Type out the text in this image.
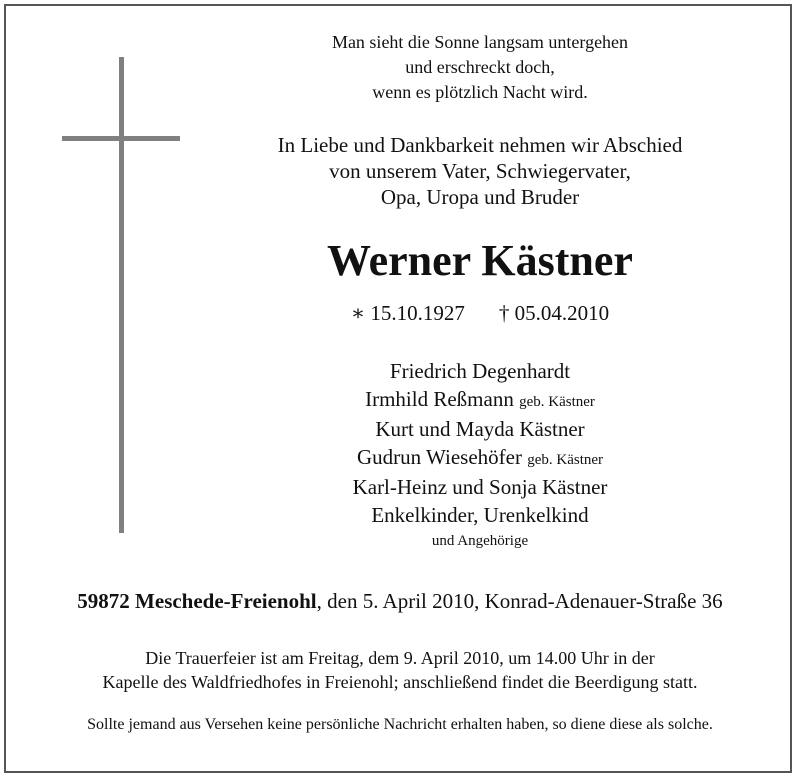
Man sieht die Sonne langsam untergehen
und erschreckt doch,
wenn es plötzlich Nacht wird.
In Liebe und Dankbarkeit nehmen wir Abschied
von unserem Vater, Schwiegervater,
Opa, Uropa und Bruder
Werner Kästner
∗ 15.10.1927 † 05.04.2010
Friedrich Degenhardt
Irmhild Reßmann geb. Kästner
Kurt und Mayda Kästner
Gudrun Wiesehöfer geb. Kästner
Karl-Heinz und Sonja Kästner
Enkelkinder, Urenkelkind
und Angehörige
59872 Meschede-Freienohl, den 5. April 2010, Konrad-Adenauer-Straße 36
Die Trauerfeier ist am Freitag, dem 9. April 2010, um 14.00 Uhr in der
Kapelle des Waldfriedhofes in Freienohl; anschließend findet die Beerdigung statt.
Sollte jemand aus Versehen keine persönliche Nachricht erhalten haben, so diene diese als solche.
